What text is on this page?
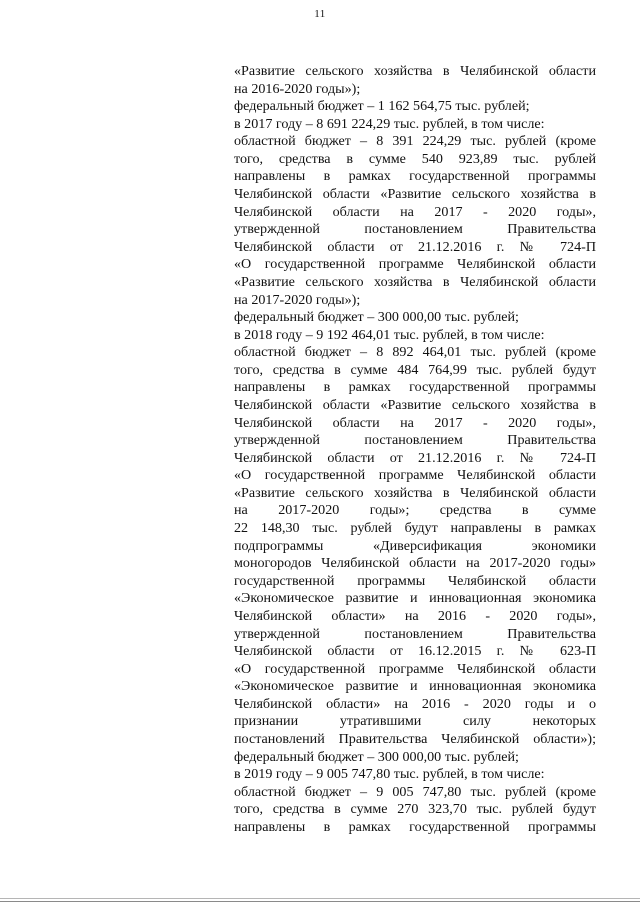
11
«Развитие сельского хозяйства в Челябинской области
на 2016-2020 годы»);
федеральный бюджет – 1 162 564,75 тыс. рублей;
в 2017 году – 8 691 224,29 тыс. рублей, в том числе:
областной бюджет – 8 391 224,29 тыс. рублей (кроме
того, средства в сумме 540 923,89 тыс. рублей
направлены в рамках государственной программы
Челябинской области «Развитие сельского хозяйства в
Челябинской области на 2017 - 2020 годы»,
утвержденной постановлением Правительства
Челябинской области от 21.12.2016 г. № 724-П
«О государственной программе Челябинской области
«Развитие сельского хозяйства в Челябинской области
на 2017-2020 годы»);
федеральный бюджет – 300 000,00 тыс. рублей;
в 2018 году – 9 192 464,01 тыс. рублей, в том числе:
областной бюджет – 8 892 464,01 тыс. рублей (кроме
того, средства в сумме 484 764,99 тыс. рублей будут
направлены в рамках государственной программы
Челябинской области «Развитие сельского хозяйства в
Челябинской области на 2017 - 2020 годы»,
утвержденной постановлением Правительства
Челябинской области от 21.12.2016 г. № 724-П
«О государственной программе Челябинской области
«Развитие сельского хозяйства в Челябинской области
на 2017-2020 годы»; средства в сумме
22 148,30 тыс. рублей будут направлены в рамках
подпрограммы «Диверсификация экономики
моногородов Челябинской области на 2017-2020 годы»
государственной программы Челябинской области
«Экономическое развитие и инновационная экономика
Челябинской области» на 2016 - 2020 годы»,
утвержденной постановлением Правительства
Челябинской области от 16.12.2015 г. № 623-П
«О государственной программе Челябинской области
«Экономическое развитие и инновационная экономика
Челябинской области» на 2016 - 2020 годы и о
признании утратившими силу некоторых
постановлений Правительства Челябинской области»);
федеральный бюджет – 300 000,00 тыс. рублей;
в 2019 году – 9 005 747,80 тыс. рублей, в том числе:
областной бюджет – 9 005 747,80 тыс. рублей (кроме
того, средства в сумме 270 323,70 тыс. рублей будут
направлены в рамках государственной программы
